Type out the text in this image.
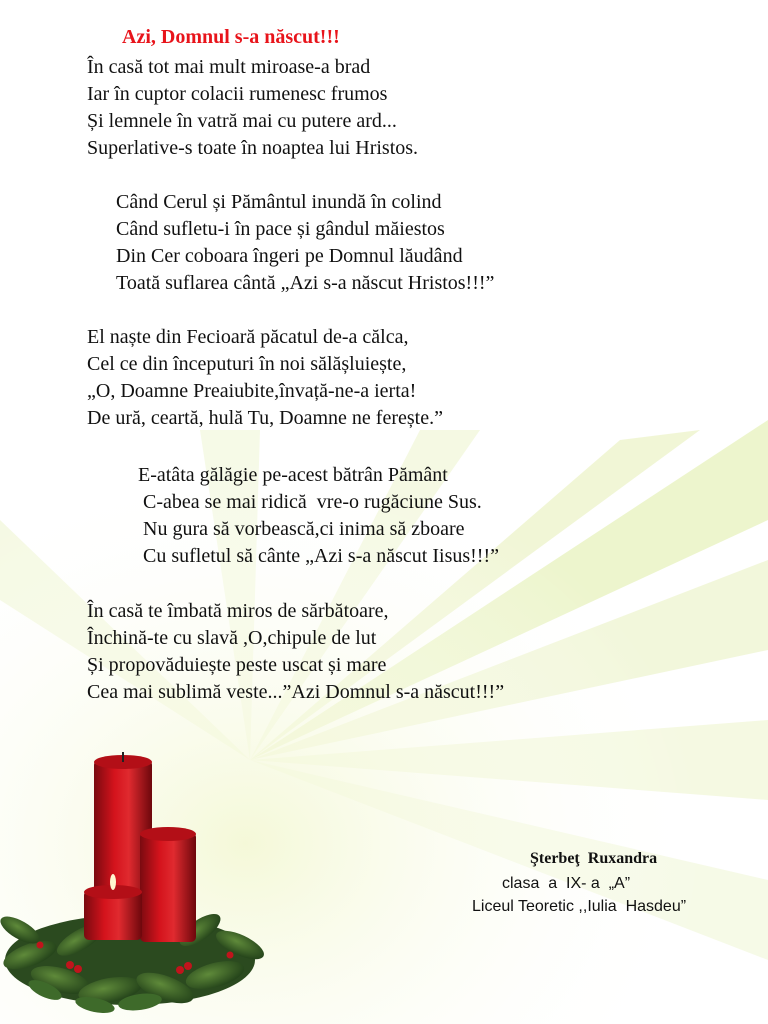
Azi, Domnul s-a născut!!!
În casă tot mai mult miroase-a brad
Iar în cuptor colacii rumenesc frumos
Și lemnele în vatră mai cu putere ard...
Superlative-s toate în noaptea lui Hristos.
Când Cerul și Pământul inundă în colind
Când sufletu-i în pace și gândul măiestos
Din Cer coboara îngeri pe Domnul lăudând
Toată suflarea cântă „Azi s-a născut Hristos!!!”
El naște din Fecioară păcatul de-a călca,
Cel ce din începuturi în noi sălășluiește,
„O, Doamne Preaiubite,învață-ne-a ierta!
De ură, ceartă, hulă Tu, Doamne ne ferește.”
E-atâta gălăgie pe-acest bătrân Pământ
C-abea se mai ridică  vre-o rugăciune Sus.
Nu gura să vorbească,ci inima să zboare
Cu sufletul să cânte „Azi s-a născut Iisus!!!”
În casă te îmbată miros de sărbătoare,
Închină-te cu slavă ,O,chipule de lut
Și propovăduiește peste uscat și mare
Cea mai sublimă veste...”Azi Domnul s-a născut!!!”
Şterbeţ  Ruxandra
clasa  a  IX- a  „A”
Liceul Teoretic ,,Iulia  Hasdeu”
